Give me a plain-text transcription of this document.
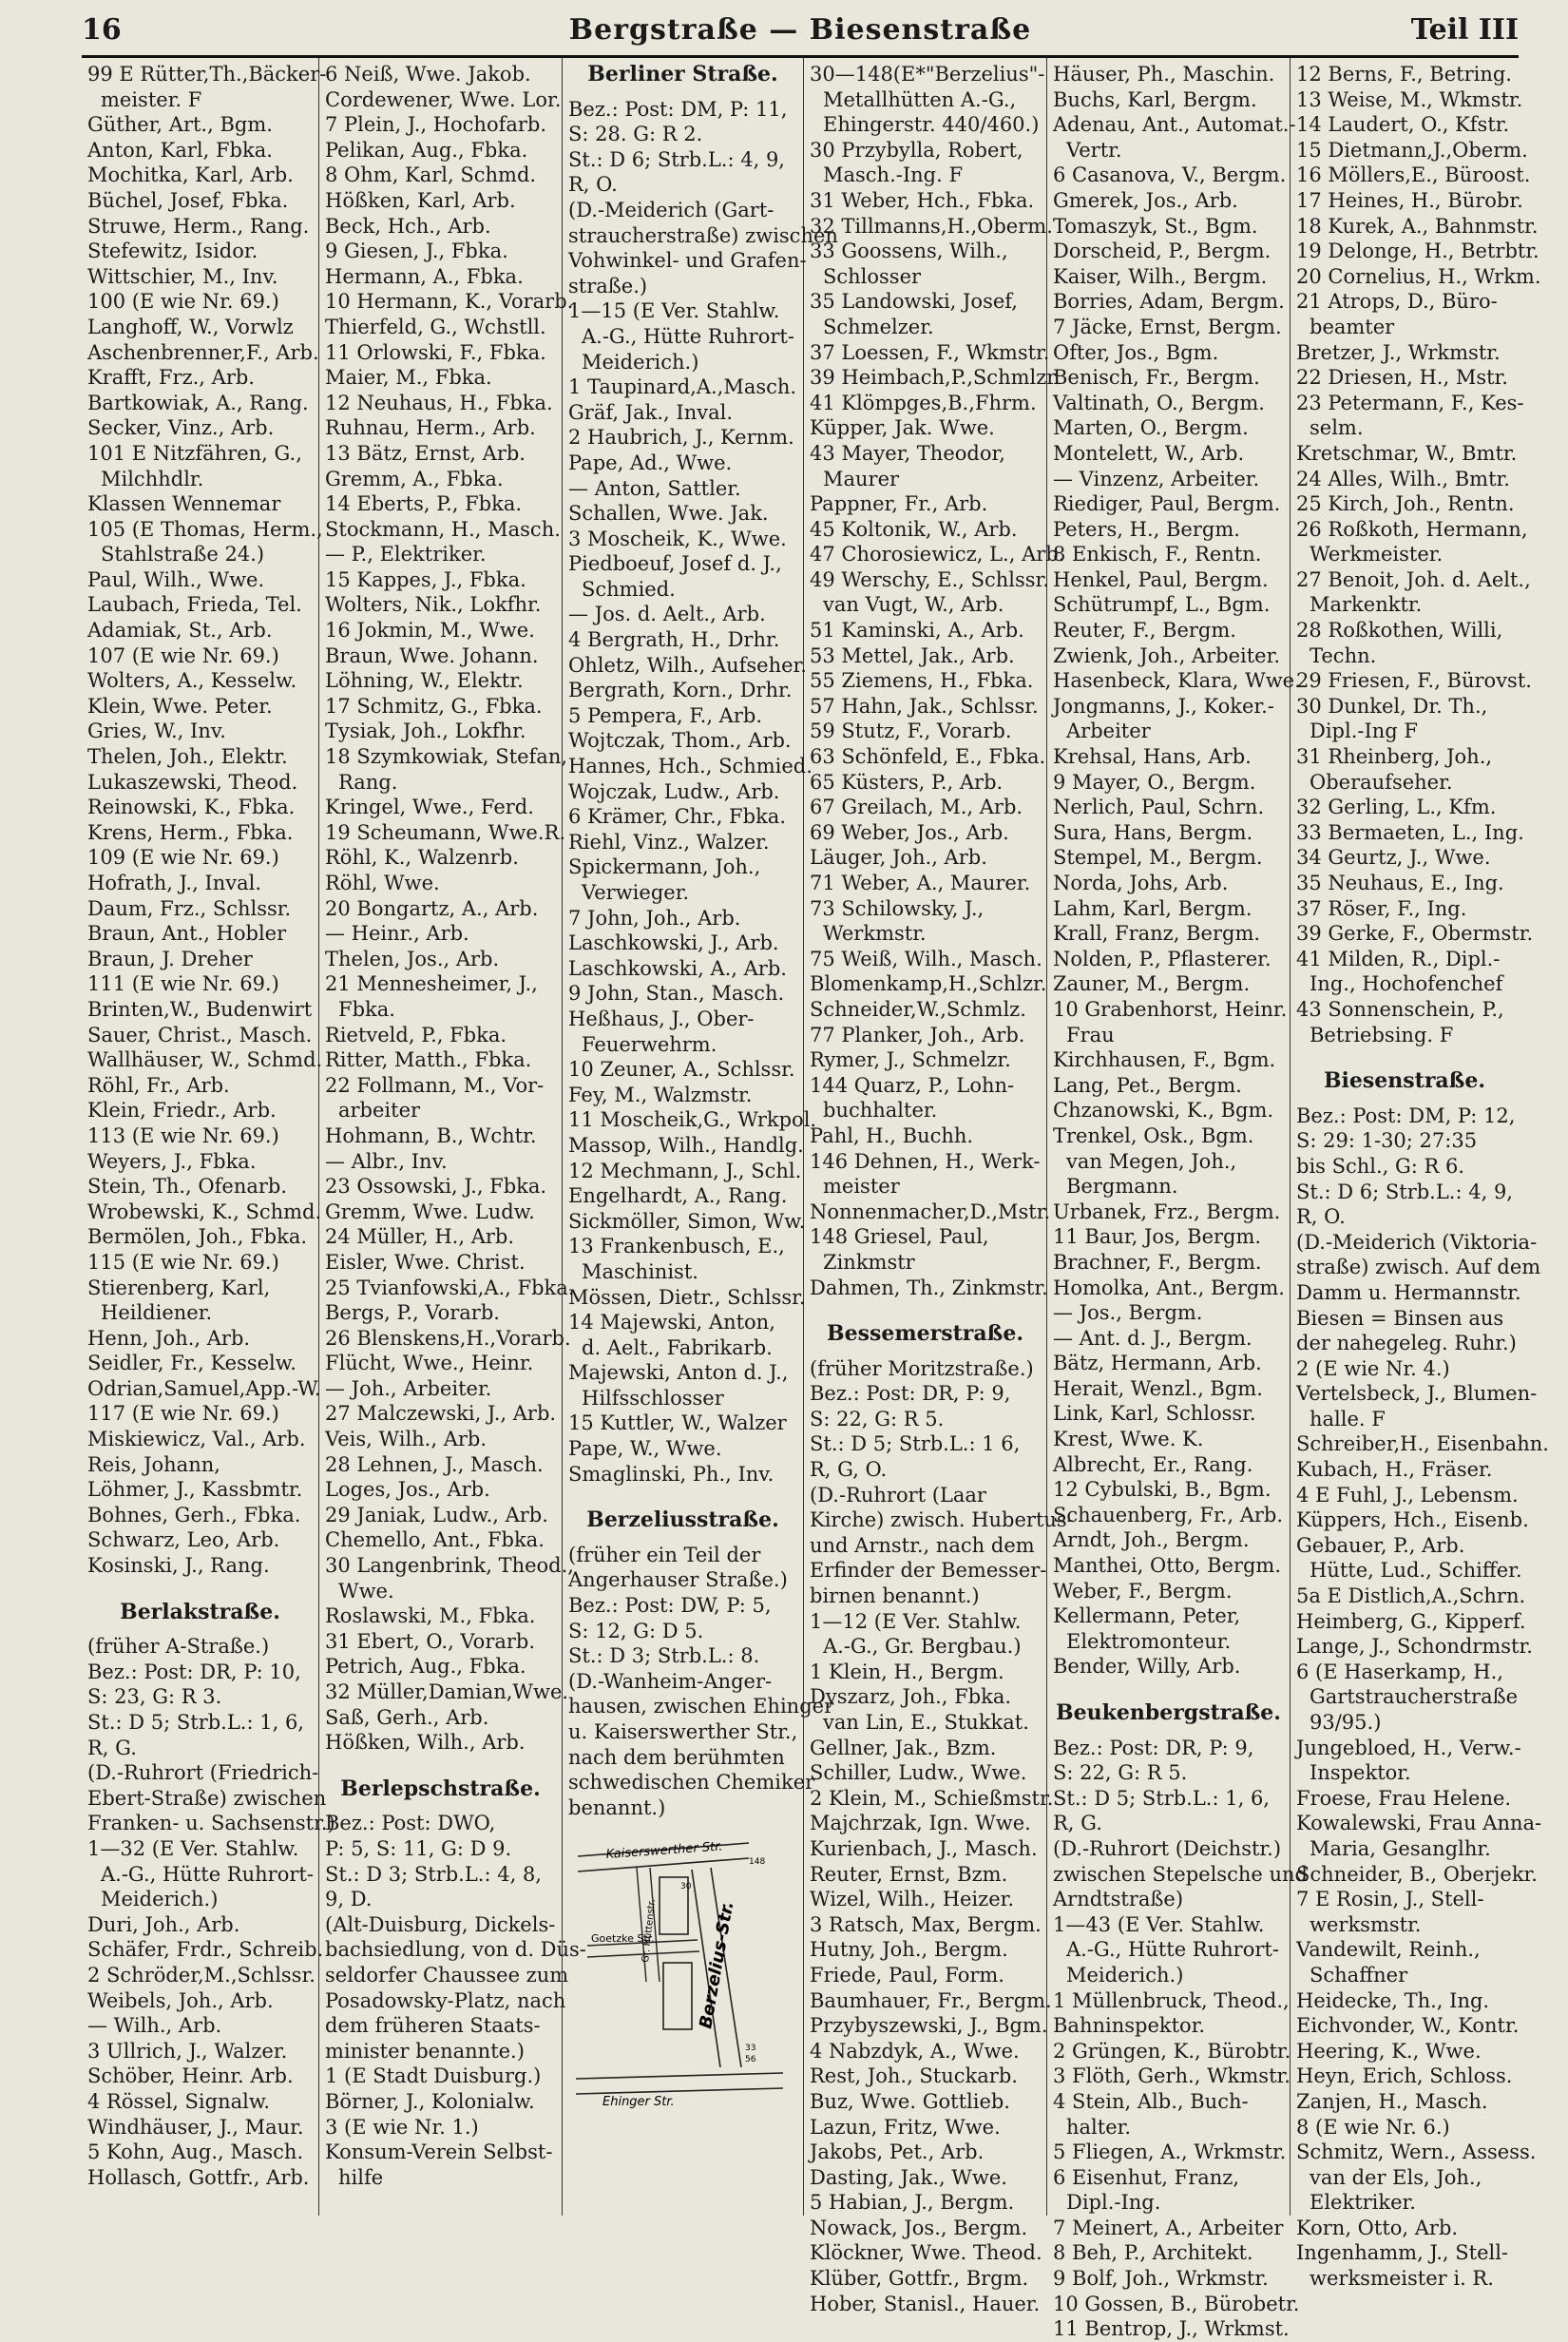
16	Bergstraße — Biesenstraße	Teil III
99 E Rütter,Th.,Bäcker-
meister. F
Güther, Art., Bgm.
Anton, Karl, Fbka.
Mochitka, Karl, Arb.
Büchel, Josef, Fbka.
Struwe, Herm., Rang.
Stefewitz, Isidor.
Wittschier, M., Inv.
100 (E wie Nr. 69.)
Langhoff, W., Vorwlz
Aschenbrenner,F., Arb.
Krafft, Frz., Arb.
Bartkowiak, A., Rang.
Secker, Vinz., Arb.
101 E Nitzfähren, G.,
Milchhdlr.
Klassen Wennemar
105 (E Thomas, Herm.,
Stahlstraße 24.)
Paul, Wilh., Wwe.
Laubach, Frieda, Tel.
Adamiak, St., Arb.
107 (E wie Nr. 69.)
Wolters, A., Kesselw.
Klein, Wwe. Peter.
Gries, W., Inv.
Thelen, Joh., Elektr.
Lukaszewski, Theod.
Reinowski, K., Fbka.
Krens, Herm., Fbka.
109 (E wie Nr. 69.)
Hofrath, J., Inval.
Daum, Frz., Schlssr.
Braun, Ant., Hobler
Braun, J. Dreher
111 (E wie Nr. 69.)
Brinten,W., Budenwirt
Sauer, Christ., Masch.
Wallhäuser, W., Schmd.
Röhl, Fr., Arb.
Klein, Friedr., Arb.
113 (E wie Nr. 69.)
Weyers, J., Fbka.
Stein, Th., Ofenarb.
Wrobewski, K., Schmd.
Bermölen, Joh., Fbka.
115 (E wie Nr. 69.)
Stierenberg, Karl,
Heildiener.
Henn, Joh., Arb.
Seidler, Fr., Kesselw.
Odrian,Samuel,App.-W.
117 (E wie Nr. 69.)
Miskiewicz, Val., Arb.
Reis, Johann,
Löhmer, J., Kassbmtr.
Bohnes, Gerh., Fbka.
Schwarz, Leo, Arb.
Kosinski, J., Rang.
Berlakstraße.
(früher A-Straße.)
Bez.: Post: DR, P: 10,
S: 23, G: R 3.
St.: D 5; Strb.L.: 1, 6,
R, G.
(D.-Ruhrort (Friedrich-
Ebert-Straße) zwischen
Franken- u. Sachsenstr.)
1—32 (E Ver. Stahlw.
A.-G., Hütte Ruhrort-
Meiderich.)
Duri, Joh., Arb.
Schäfer, Frdr., Schreib.
2 Schröder,M.,Schlssr.
Weibels, Joh., Arb.
— Wilh., Arb.
3 Ullrich, J., Walzer.
Schöber, Heinr. Arb.
4 Rössel, Signalw.
Windhäuser, J., Maur.
5 Kohn, Aug., Masch.
Hollasch, Gottfr., Arb.
6 Neiß, Wwe. Jakob.
Cordewener, Wwe. Lor.
7 Plein, J., Hochofarb.
Pelikan, Aug., Fbka.
8 Ohm, Karl, Schmd.
Hößken, Karl, Arb.
Beck, Hch., Arb.
9 Giesen, J., Fbka.
Hermann, A., Fbka.
10 Hermann, K., Vorarb.
Thierfeld, G., Wchstll.
11 Orlowski, F., Fbka.
Maier, M., Fbka.
12 Neuhaus, H., Fbka.
Ruhnau, Herm., Arb.
13 Bätz, Ernst, Arb.
Gremm, A., Fbka.
14 Eberts, P., Fbka.
Stockmann, H., Masch.
— P., Elektriker.
15 Kappes, J., Fbka.
Wolters, Nik., Lokfhr.
16 Jokmin, M., Wwe.
Braun, Wwe. Johann.
Löhning, W., Elektr.
17 Schmitz, G., Fbka.
Tysiak, Joh., Lokfhr.
18 Szymkowiak, Stefan,
Rang.
Kringel, Wwe., Ferd.
19 Scheumann, Wwe.R.
Röhl, K., Walzenrb.
Röhl, Wwe.
20 Bongartz, A., Arb.
— Heinr., Arb.
Thelen, Jos., Arb.
21 Mennesheimer, J.,
Fbka.
Rietveld, P., Fbka.
Ritter, Matth., Fbka.
22 Follmann, M., Vor-
arbeiter
Hohmann, B., Wchtr.
— Albr., Inv.
23 Ossowski, J., Fbka.
Gremm, Wwe. Ludw.
24 Müller, H., Arb.
Eisler, Wwe. Christ.
25 Tvianfowski,A., Fbka.
Bergs, P., Vorarb.
26 Blenskens,H.,Vorarb.
Flücht, Wwe., Heinr.
— Joh., Arbeiter.
27 Malczewski, J., Arb.
Veis, Wilh., Arb.
28 Lehnen, J., Masch.
Loges, Jos., Arb.
29 Janiak, Ludw., Arb.
Chemello, Ant., Fbka.
30 Langenbrink, Theod.,
Wwe.
Roslawski, M., Fbka.
31 Ebert, O., Vorarb.
Petrich, Aug., Fbka.
32 Müller,Damian,Wwe.
Saß, Gerh., Arb.
Hößken, Wilh., Arb.
Berlepschstraße.
Bez.: Post: DWO,
P: 5, S: 11, G: D 9.
St.: D 3; Strb.L.: 4, 8,
9, D.
(Alt-Duisburg, Dickels-
bachsiedlung, von d. Düs-
seldorfer Chaussee zum
Posadowsky-Platz, nach
dem früheren Staats-
minister benannte.)
1 (E Stadt Duisburg.)
Börner, J., Kolonialw.
3 (E wie Nr. 1.)
Konsum-Verein Selbst-
hilfe
Berliner Straße.
Bez.: Post: DM, P: 11,
S: 28. G: R 2.
St.: D 6; Strb.L.: 4, 9,
R, O.
(D.-Meiderich (Gart-
straucherstraße) zwischen
Vohwinkel- und Grafen-
straße.)
1—15 (E Ver. Stahlw.
A.-G., Hütte Ruhrort-
Meiderich.)
1 Taupinard,A.,Masch.
Gräf, Jak., Inval.
2 Haubrich, J., Kernm.
Pape, Ad., Wwe.
— Anton, Sattler.
Schallen, Wwe. Jak.
3 Moscheik, K., Wwe.
Piedboeuf, Josef d. J.,
Schmied.
— Jos. d. Aelt., Arb.
4 Bergrath, H., Drhr.
Ohletz, Wilh., Aufseher.
Bergrath, Korn., Drhr.
5 Pempera, F., Arb.
Wojtczak, Thom., Arb.
Hannes, Hch., Schmied.
Wojczak, Ludw., Arb.
6 Krämer, Chr., Fbka.
Riehl, Vinz., Walzer.
Spickermann, Joh.,
Verwieger.
7 John, Joh., Arb.
Laschkowski, J., Arb.
Laschkowski, A., Arb.
9 John, Stan., Masch.
Heßhaus, J., Ober-
Feuerwehrm.
10 Zeuner, A., Schlssr.
Fey, M., Walzmstr.
11 Moscheik,G., Wrkpol.
Massop, Wilh., Handlg.
12 Mechmann, J., Schl.
Engelhardt, A., Rang.
Sickmöller, Simon, Ww.
13 Frankenbusch, E.,
Maschinist.
Mössen, Dietr., Schlssr.
14 Majewski, Anton,
d. Aelt., Fabrikarb.
Majewski, Anton d. J.,
Hilfsschlosser
15 Kuttler, W., Walzer
Pape, W., Wwe.
Smaglinski, Ph., Inv.
Berzeliusstraße.
(früher ein Teil der
Angerhauser Straße.)
Bez.: Post: DW, P: 5,
S: 12, G: D 5.
St.: D 3; Strb.L.: 8.
(D.-Wanheim-Anger-
hausen, zwischen Ehinger
u. Kaiserswerther Str.,
nach dem berühmten
schwedischen Chemiker
benannt.)
Kaiserswerther Str.
Berzelius-Str.
Gr. Hüttenstr.
Goetzke Str.
Ehinger Str.
148
30
33
56
30—148(E*"Berzelius"-
Metallhütten A.-G.,
Ehingerstr. 440/460.)
30 Przybylla, Robert,
Masch.-Ing. F
31 Weber, Hch., Fbka.
32 Tillmanns,H.,Oberm.
33 Goossens, Wilh.,
Schlosser
35 Landowski, Josef,
Schmelzer.
37 Loessen, F., Wkmstr.
39 Heimbach,P.,Schmlzr.
41 Klömpges,B.,Fhrm.
Küpper, Jak. Wwe.
43 Mayer, Theodor,
Maurer
Pappner, Fr., Arb.
45 Koltonik, W., Arb.
47 Chorosiewicz, L., Arb.
49 Werschy, E., Schlssr.
van Vugt, W., Arb.
51 Kaminski, A., Arb.
53 Mettel, Jak., Arb.
55 Ziemens, H., Fbka.
57 Hahn, Jak., Schlssr.
59 Stutz, F., Vorarb.
63 Schönfeld, E., Fbka.
65 Küsters, P., Arb.
67 Greilach, M., Arb.
69 Weber, Jos., Arb.
Läuger, Joh., Arb.
71 Weber, A., Maurer.
73 Schilowsky, J.,
Werkmstr.
75 Weiß, Wilh., Masch.
Blomenkamp,H.,Schlzr.
Schneider,W.,Schmlz.
77 Planker, Joh., Arb.
Rymer, J., Schmelzr.
144 Quarz, P., Lohn-
buchhalter.
Pahl, H., Buchh.
146 Dehnen, H., Werk-
meister
Nonnenmacher,D.,Mstr.
148 Griesel, Paul,
Zinkmstr
Dahmen, Th., Zinkmstr.
Bessemerstraße.
(früher Moritzstraße.)
Bez.: Post: DR, P: 9,
S: 22, G: R 5.
St.: D 5; Strb.L.: 1 6,
R, G, O.
(D.-Ruhrort (Laar
Kirche) zwisch. Hubertus-
und Arnstr., nach dem
Erfinder der Bemesser-
birnen benannt.)
1—12 (E Ver. Stahlw.
A.-G., Gr. Bergbau.)
1 Klein, H., Bergm.
Dyszarz, Joh., Fbka.
van Lin, E., Stukkat.
Gellner, Jak., Bzm.
Schiller, Ludw., Wwe.
2 Klein, M., Schießmstr.
Majchrzak, Ign. Wwe.
Kurienbach, J., Masch.
Reuter, Ernst, Bzm.
Wizel, Wilh., Heizer.
3 Ratsch, Max, Bergm.
Hutny, Joh., Bergm.
Friede, Paul, Form.
Baumhauer, Fr., Bergm.
Przybyszewski, J., Bgm.
4 Nabzdyk, A., Wwe.
Rest, Joh., Stuckarb.
Buz, Wwe. Gottlieb.
Lazun, Fritz, Wwe.
Jakobs, Pet., Arb.
Dasting, Jak., Wwe.
5 Habian, J., Bergm.
Nowack, Jos., Bergm.
Klöckner, Wwe. Theod.
Klüber, Gottfr., Brgm.
Hober, Stanisl., Hauer.
Häuser, Ph., Maschin.
Buchs, Karl, Bergm.
Adenau, Ant., Automat.-
Vertr.
6 Casanova, V., Bergm.
Gmerek, Jos., Arb.
Tomaszyk, St., Bgm.
Dorscheid, P., Bergm.
Kaiser, Wilh., Bergm.
Borries, Adam, Bergm.
7 Jäcke, Ernst, Bergm.
Ofter, Jos., Bgm.
Benisch, Fr., Bergm.
Valtinath, O., Bergm.
Marten, O., Bergm.
Montelett, W., Arb.
— Vinzenz, Arbeiter.
Riediger, Paul, Bergm.
Peters, H., Bergm.
8 Enkisch, F., Rentn.
Henkel, Paul, Bergm.
Schütrumpf, L., Bgm.
Reuter, F., Bergm.
Zwienk, Joh., Arbeiter.
Hasenbeck, Klara, Wwe.
Jongmanns, J., Koker.-
Arbeiter
Krehsal, Hans, Arb.
9 Mayer, O., Bergm.
Nerlich, Paul, Schrn.
Sura, Hans, Bergm.
Stempel, M., Bergm.
Norda, Johs, Arb.
Lahm, Karl, Bergm.
Krall, Franz, Bergm.
Nolden, P., Pflasterer.
Zauner, M., Bergm.
10 Grabenhorst, Heinr.
Frau
Kirchhausen, F., Bgm.
Lang, Pet., Bergm.
Chzanowski, K., Bgm.
Trenkel, Osk., Bgm.
van Megen, Joh.,
Bergmann.
Urbanek, Frz., Bergm.
11 Baur, Jos, Bergm.
Brachner, F., Bergm.
Homolka, Ant., Bergm.
— Jos., Bergm.
— Ant. d. J., Bergm.
Bätz, Hermann, Arb.
Herait, Wenzl., Bgm.
Link, Karl, Schlossr.
Krest, Wwe. K.
Albrecht, Er., Rang.
12 Cybulski, B., Bgm.
Schauenberg, Fr., Arb.
Arndt, Joh., Bergm.
Manthei, Otto, Bergm.
Weber, F., Bergm.
Kellermann, Peter,
Elektromonteur.
Bender, Willy, Arb.
Beukenbergstraße.
Bez.: Post: DR, P: 9,
S: 22, G: R 5.
St.: D 5; Strb.L.: 1, 6,
R, G.
(D.-Ruhrort (Deichstr.)
zwischen Stepelsche und
Arndtstraße)
1—43 (E Ver. Stahlw.
A.-G., Hütte Ruhrort-
Meiderich.)
1 Müllenbruck, Theod.,
Bahninspektor.
2 Grüngen, K., Bürobtr.
3 Flöth, Gerh., Wkmstr.
4 Stein, Alb., Buch-
halter.
5 Fliegen, A., Wrkmstr.
6 Eisenhut, Franz,
Dipl.-Ing.
7 Meinert, A., Arbeiter
8 Beh, P., Architekt.
9 Bolf, Joh., Wrkmstr.
10 Gossen, B., Bürobetr.
11 Bentrop, J., Wrkmst.
12 Berns, F., Betring.
13 Weise, M., Wkmstr.
14 Laudert, O., Kfstr.
15 Dietmann,J.,Oberm.
16 Möllers,E., Büroost.
17 Heines, H., Bürobr.
18 Kurek, A., Bahnmstr.
19 Delonge, H., Betrbtr.
20 Cornelius, H., Wrkm.
21 Atrops, D., Büro-
beamter
Bretzer, J., Wrkmstr.
22 Driesen, H., Mstr.
23 Petermann, F., Kes-
selm.
Kretschmar, W., Bmtr.
24 Alles, Wilh., Bmtr.
25 Kirch, Joh., Rentn.
26 Roßkoth, Hermann,
Werkmeister.
27 Benoit, Joh. d. Aelt.,
Markenktr.
28 Roßkothen, Willi,
Techn.
29 Friesen, F., Bürovst.
30 Dunkel, Dr. Th.,
Dipl.-Ing F
31 Rheinberg, Joh.,
Oberaufseher.
32 Gerling, L., Kfm.
33 Bermaeten, L., Ing.
34 Geurtz, J., Wwe.
35 Neuhaus, E., Ing.
37 Röser, F., Ing.
39 Gerke, F., Obermstr.
41 Milden, R., Dipl.-
Ing., Hochofenchef
43 Sonnenschein, P.,
Betriebsing. F
Biesenstraße.
Bez.: Post: DM, P: 12,
S: 29: 1-30; 27:35
bis Schl., G: R 6.
St.: D 6; Strb.L.: 4, 9,
R, O.
(D.-Meiderich (Viktoria-
straße) zwisch. Auf dem
Damm u. Hermannstr.
Biesen = Binsen aus
der nahegeleg. Ruhr.)
2 (E wie Nr. 4.)
Vertelsbeck, J., Blumen-
halle. F
Schreiber,H., Eisenbahn.
Kubach, H., Fräser.
4 E Fuhl, J., Lebensm.
Küppers, Hch., Eisenb.
Gebauer, P., Arb.
Hütte, Lud., Schiffer.
5a E Distlich,A.,Schrn.
Heimberg, G., Kipperf.
Lange, J., Schondrmstr.
6 (E Haserkamp, H.,
Gartstraucherstraße
93/95.)
Jungebloed, H., Verw.-
Inspektor.
Froese, Frau Helene.
Kowalewski, Frau Anna-
Maria, Gesanglhr.
Schneider, B., Oberjekr.
7 E Rosin, J., Stell-
werksmstr.
Vandewilt, Reinh.,
Schaffner
Heidecke, Th., Ing.
Eichvonder, W., Kontr.
Heering, K., Wwe.
Heyn, Erich, Schloss.
Zanjen, H., Masch.
8 (E wie Nr. 6.)
Schmitz, Wern., Assess.
van der Els, Joh.,
Elektriker.
Korn, Otto, Arb.
Ingenhamm, J., Stell-
werksmeister i. R.
